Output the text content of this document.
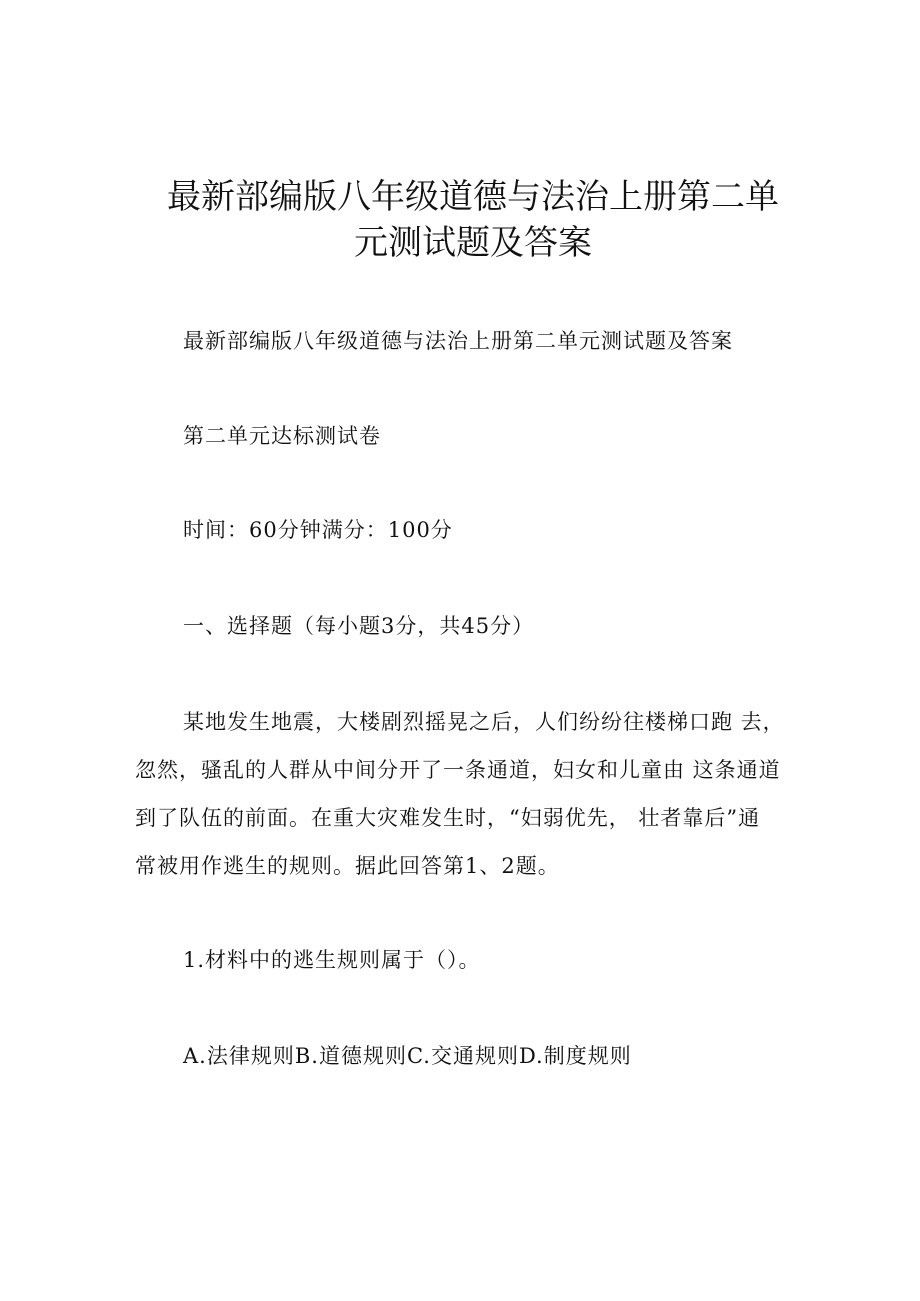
最新部编版八年级道德与法治上册第二单
元测试题及答案
最新部编版八年级道德与法治上册第二单元测试题及答案
第二单元达标测试卷
时间：60分钟满分：100分
一、选择题（每小题3分，共45分）
某地发生地震，大楼剧烈摇晃之后，人们纷纷往楼梯口跑 去，
忽然，骚乱的人群从中间分开了一条通道，妇女和儿童由 这条通道
到了队伍的前面。在重大灾难发生时，“妇弱优先， 壮者靠后”通
常被用作逃生的规则。据此回答第1、2题。
1.材料中的逃生规则属于（）。
A.法律规则B.道德规则C.交通规则D.制度规则
